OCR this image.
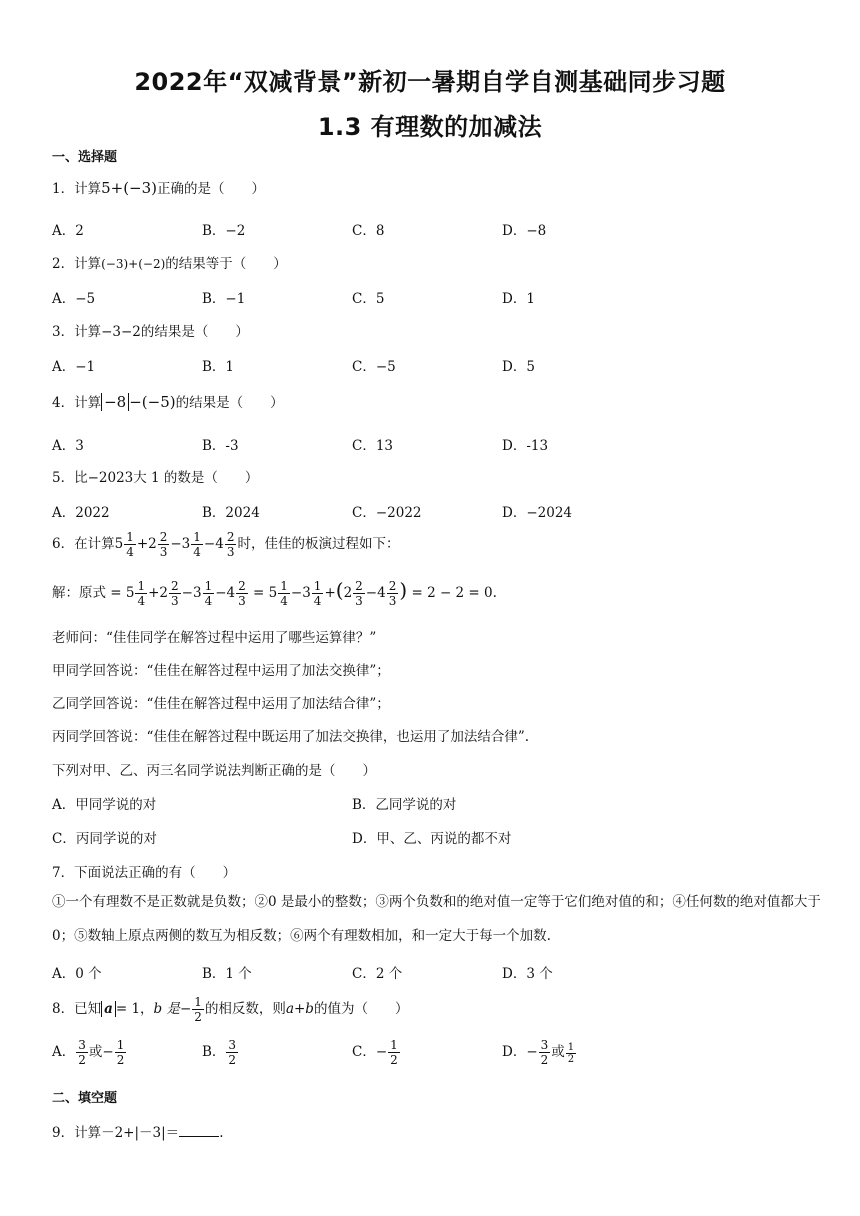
2022年“双减背景”新初一暑期自学自测基础同步习题
1.3 有理数的加减法
一、选择题
1．计算5+(−3)正确的是（　　）
A．2	B．−2	C．8	D．−8
2．计算(−3)+(−2)的结果等于（　　）
A．−5	B．−1	C．5	D．1
3．计算−3−2的结果是（　　）
A．−1	B．1	C．−5	D．5
4．计算 −8 −(−5)的结果是（　　）
A．3	B．-3	C．13	D．-13
5．比−2023大 1 的数是（　　）
A．2022	B．2024	C．−2022	D．−2024
6．在计算$5 \frac{1}{4} +2 \frac{2}{3} -3 \frac{1}{4} -4 \frac{2}{3}$ 时，佳佳的板演过程如下：
解：原式 = $5 \frac{1}{4} +2 \frac{2}{3} -3 \frac{1}{4} -4 \frac{2}{3} = 5 \frac{1}{4} -3 \frac{1}{4} +(2 \frac{2}{3} -4 \frac{2}{3}$ ) = 2 − 2 = 0.
老师问：“佳佳同学在解答过程中运用了哪些运算律？”
甲同学回答说：“佳佳在解答过程中运用了加法交换律”；
乙同学回答说：“佳佳在解答过程中运用了加法结合律”；
丙同学回答说：“佳佳在解答过程中既运用了加法交换律，也运用了加法结合律”.
下列对甲、乙、丙三名同学说法判断正确的是（　　）
A．甲同学说的对	B．乙同学说的对
C．丙同学说的对	D．甲、乙、丙说的都不对
7．下面说法正确的有（　　）
①一个有理数不是正数就是负数；②0 是最小的整数；③两个负数和的绝对值一定等于它们绝对值的和；④任何数的绝对值都大于 0；⑤数轴上原点两侧的数互为相反数；⑥两个有理数相加，和一定大于每一个加数.
A．0 个	B．1 个	C．2 个	D．3 个
8．已知 a = 1，b 是− $\frac{1}{2}$ 的相反数，则a+b的值为（　　）
A． $\frac{3}{2}$ 或− $\frac{1}{2}$	B． $\frac{3}{2}$	C．− $\frac{1}{2}$	D．− $\frac{3}{2}$ 或 $\frac{1}{2}$
二、填空题
9．计算－2+|－3|＝	.
